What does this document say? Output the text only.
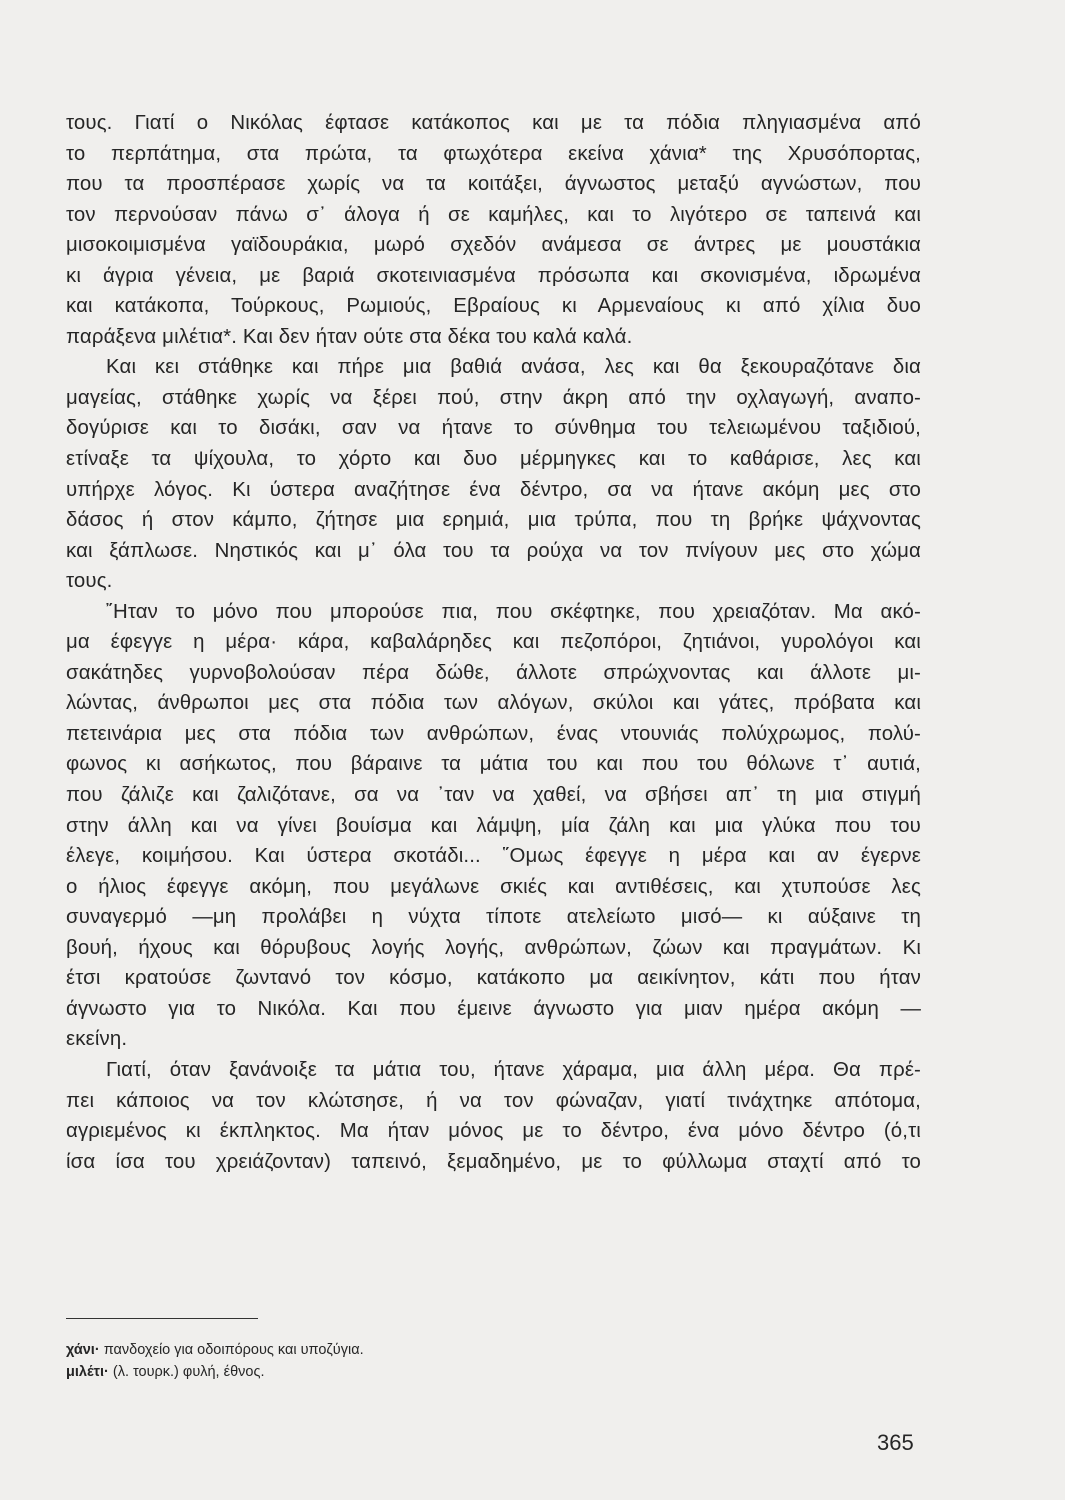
τους. Γιατί ο Νικόλας έφτασε κατάκοπος και με τα πόδια πληγιασμένα από
το περπάτημα, στα πρώτα, τα φτωχότερα εκείνα χάνια* της Χρυσόπορτας,
που τα προσπέρασε χωρίς να τα κοιτάξει, άγνωστος μεταξύ αγνώστων, που
τον περνούσαν πάνω σ᾿ άλογα ή σε καμήλες, και το λιγότερο σε ταπεινά και
μισοκοιμισμένα γαϊδουράκια, μωρό σχεδόν ανάμεσα σε άντρες με μουστάκια
κι άγρια γένεια, με βαριά σκοτεινιασμένα πρόσωπα και σκονισμένα, ιδρωμένα
και κατάκοπα, Τούρκους, Ρωμιούς, Εβραίους κι Αρμεναίους κι από χίλια δυο
παράξενα μιλέτια*. Και δεν ήταν ούτε στα δέκα του καλά καλά.
Και κει στάθηκε και πήρε μια βαθιά ανάσα, λες και θα ξεκουραζότανε δια
μαγείας, στάθηκε χωρίς να ξέρει πού, στην άκρη από την οχλαγωγή, αναπο-
δογύρισε και το δισάκι, σαν να ήτανε το σύνθημα του τελειωμένου ταξιδιού,
ετίναξε τα ψίχουλα, το χόρτο και δυο μέρμηγκες και το καθάρισε, λες και
υπήρχε λόγος. Κι ύστερα αναζήτησε ένα δέντρο, σα να ήτανε ακόμη μες στο
δάσος ή στον κάμπο, ζήτησε μια ερημιά, μια τρύπα, που τη βρήκε ψάχνοντας
και ξάπλωσε. Νηστικός και μ᾿ όλα του τα ρούχα να τον πνίγουν μες στο χώμα
τους.
῎Ηταν το μόνο που μπορούσε πια, που σκέφτηκε, που χρειαζόταν. Μα ακό-
μα έφεγγε η μέρα· κάρα, καβαλάρηδες και πεζοπόροι, ζητιάνοι, γυρολόγοι και
σακάτηδες γυρνοβολούσαν πέρα δώθε, άλλοτε σπρώχνοντας και άλλοτε μι-
λώντας, άνθρωποι μες στα πόδια των αλόγων, σκύλοι και γάτες, πρόβατα και
πετεινάρια μες στα πόδια των ανθρώπων, ένας ντουνιάς πολύχρωμος, πολύ-
φωνος κι ασήκωτος, που βάραινε τα μάτια του και που του θόλωνε τ᾿ αυτιά,
που ζάλιζε και ζαλιζότανε, σα να ᾿ταν να χαθεί, να σβήσει απ᾿ τη μια στιγμή
στην άλλη και να γίνει βουίσμα και λάμψη, μία ζάλη και μια γλύκα που του
έλεγε, κοιμήσου. Και ύστερα σκοτάδι... ῞Ομως έφεγγε η μέρα και αν έγερνε
ο ήλιος έφεγγε ακόμη, που μεγάλωνε σκιές και αντιθέσεις, και χτυπούσε λες
συναγερμό —μη προλάβει η νύχτα τίποτε ατελείωτο μισό— κι αύξαινε τη
βουή, ήχους και θόρυβους λογής λογής, ανθρώπων, ζώων και πραγμάτων. Κι
έτσι κρατούσε ζωντανό τον κόσμο, κατάκοπο μα αεικίνητον, κάτι που ήταν
άγνωστο για το Νικόλα. Και που έμεινε άγνωστο για μιαν ημέρα ακόμη —
εκείνη.
Γιατί, όταν ξανάνοιξε τα μάτια του, ήτανε χάραμα, μια άλλη μέρα. Θα πρέ-
πει κάποιος να τον κλώτσησε, ή να τον φώναζαν, γιατί τινάχτηκε απότομα,
αγριεμένος κι έκπληκτος. Μα ήταν μόνος με το δέντρο, ένα μόνο δέντρο (ό,τι
ίσα ίσα του χρειάζονταν) ταπεινό, ξεμαδημένο, με το φύλλωμα σταχτί από το
χάνι· πανδοχείο για οδοιπόρους και υποζύγια.
μιλέτι· (λ. τουρκ.) φυλή, έθνος.
365
